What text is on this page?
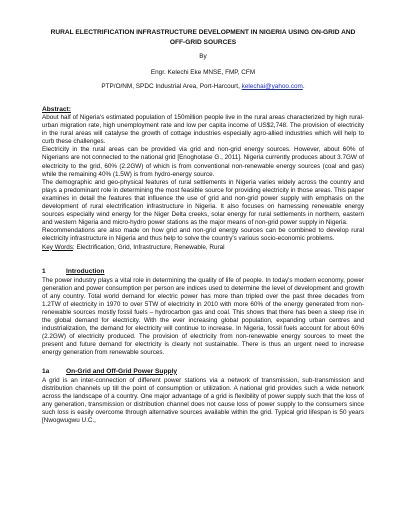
RURAL ELECTRIFICATION INFRASTRUCTURE DEVELOPMENT IN NIGERIA USING ON-GRID AND OFF-GRID SOURCES
By
Engr. Kelechi Eke MNSE, FMP, CFM
PTP/O/NM, SPDC Industrial Area, Port-Harcourt, kelechai@yahoo.com.
Abstract:

About half of Nigeria's estimated population of 150million people live in the rural areas characterized by high rural-urban migration rate, high unemployment rate and low per capita income of US$2,748. The provision of electricity in the rural areas will catalyse the growth of cottage industries especially agro-allied industries which will help to curb these challenges.

Electricity in the rural areas can be provided via grid and non-grid energy sources. However, about 60% of Nigerians are not connected to the national grid [Enogholase G., 2011]. Nigeria currently produces about 3.7GW of electricity to the grid, 60% (2.2GW) of which is from conventional non-renewable energy sources (coal and gas) while the remaining 40% (1.5W) is from hydro-energy source.

The demographic and geo-physical features of rural settlements in Nigeria varies widely across the country and plays a predominant role in determining the most feasible source for providing electricity in those areas. This paper examines in detail the features that influence the use of grid and non-grid power supply with emphasis on the development of rural electrification infrastructure in Nigeria. It also focuses on harnessing renewable energy sources especially wind energy for the Niger Delta creeks, solar energy for rural settlements in northern, eastern and western Nigeria and micro-hydro power stations as the major means of non-grid power supply in Nigeria.

Recommendations are also made on how grid and non-grid energy sources can be combined to develop rural electricity infrastructure in Nigeria and thus help to solve the country's various socio-economic problems.

Key Words: Electrification, Grid, Infrastructure, Renewable, Rural

1	Introduction

The power industry plays a vital role in determining the quality of life of people. In today's modern economy, power generation and power consumption per person are indices used to determine the level of development and growth of any country. Total world demand for electric power has more than tripled over the past three decades from 1.2TW of electricity in 1970 to over 5TW of electricity in 2010 with more 60% of the energy generated from non-renewable sources mostly fossil fuels – hydrocarbon gas and coal. This shows that there has been a steep rise in the global demand for electricity. With the ever increasing global population, expanding urban centres and industrialization, the demand for electricity will continue to increase. In Nigeria, fossil fuels account for about 60% (2.2GW) of electricity produced. The provision of electricity from non-renewable energy sources to meet the present and future demand for electricity is clearly not sustainable. There is thus an urgent need to increase energy generation from renewable sources.

1a	On-Grid and Off-Grid Power Supply

A grid is an inter-connection of different power stations via a network of transmission, sub-transmission and distribution channels up till the point of consumption or utilization. A national grid provides such a wide network across the landscape of a country. One major advantage of a grid is flexibility of power supply such that the loss of any generation, transmission or distribution channel does not cause loss of power supply to the consumers since such loss is easily overcome through alternative sources available within the grid. Typical grid lifespan is 50 years [Nwogwugwu U.C.,
